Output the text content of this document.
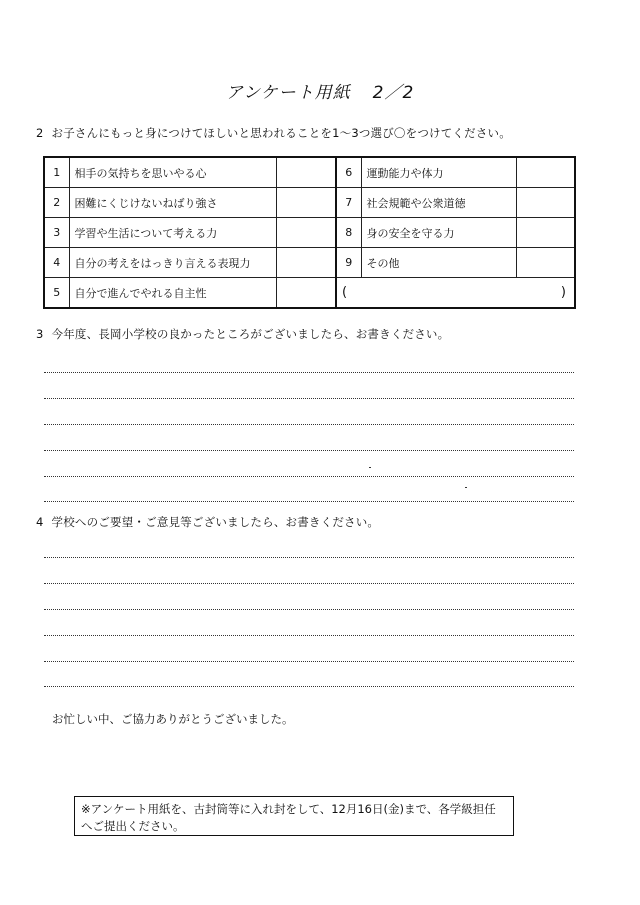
アンケート用紙 2／2
2 お子さんにもっと身につけてほしいと思われることを1～3つ選び〇をつけてください。
1	相手の気持ちを思いやる心		6	運動能力や体力	
2	困難にくじけないねばり強さ		7	社会規範や公衆道徳	
3	学習や生活について考える力		8	身の安全を守る力	
4	自分の考えをはっきり言える表現力		9	その他	
5	自分で進んでやれる自主性		( )		
3 今年度、長岡小学校の良かったところがございましたら、お書きください。
4 学校へのご要望・ご意見等ございましたら、お書きください。
お忙しい中、ご協力ありがとうございました。
※アンケート用紙を、古封筒等に入れ封をして、12月16日(金)まで、各学級担任へご提出ください。
